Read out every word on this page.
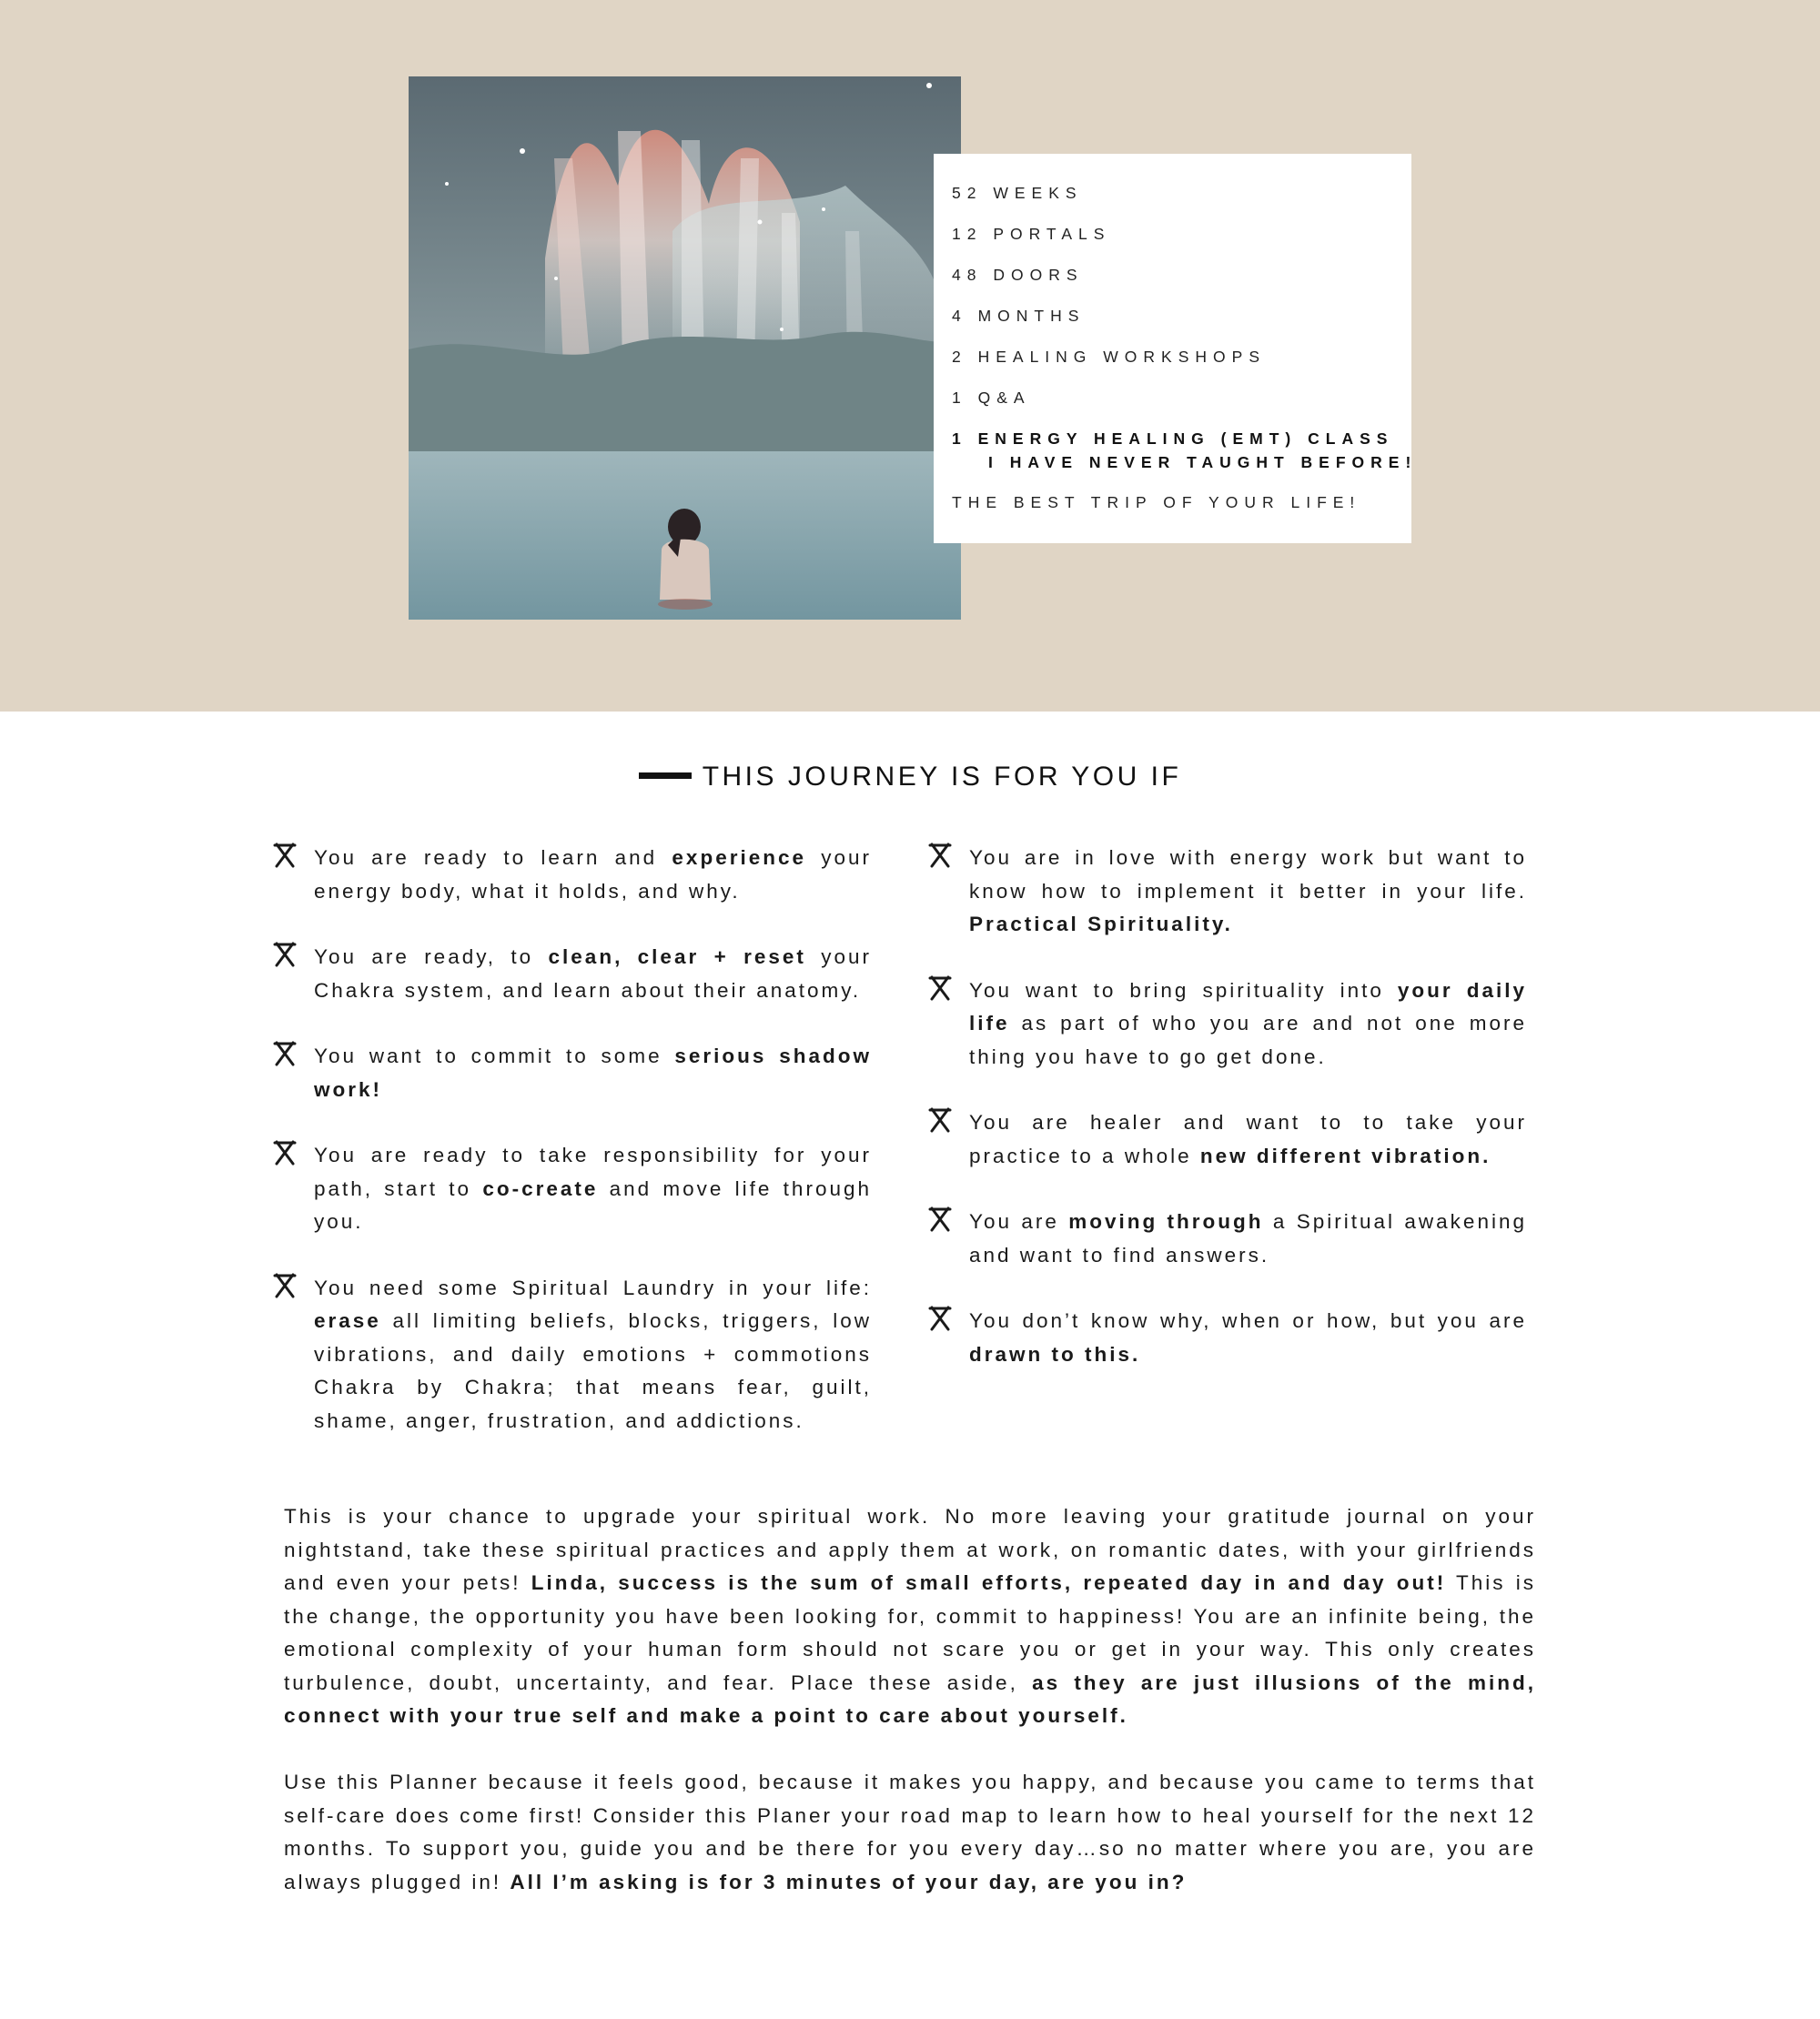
52 WEEKS
12 PORTALS
48 DOORS
4 MONTHS
2 HEALING WORKSHOPS
1 Q&A
1 ENERGY HEALING (EMT) CLASS
I HAVE NEVER TAUGHT BEFORE!
THE BEST TRIP OF YOUR LIFE!
THIS JOURNEY IS FOR YOU IF
You are ready to learn and experience your energy body, what it holds, and why.
You are ready, to clean, clear + reset your Chakra system, and learn about their anatomy.
You want to commit to some serious shadow work!
You are ready to take responsibility for your path, start to co-create and move life through you.
You need some Spiritual Laundry in your life: erase all limiting beliefs, blocks, triggers, low vibrations, and daily emotions + commotions Chakra by Chakra; that means fear, guilt, shame, anger, frustration, and addictions.
You are in love with energy work but want to know how to implement it better in your life. Practical Spirituality.
You want to bring spirituality into your daily life as part of who you are and not one more thing you have to go get done.
You are healer and want to to take your practice to a whole new different vibration.
You are moving through a Spiritual awakening and want to find answers.
You don’t know why, when or how, but you are drawn to this.
This is your chance to upgrade your spiritual work. No more leaving your gratitude journal on your nightstand, take these spiritual practices and apply them at work, on romantic dates, with your girlfriends and even your pets! Linda, success is the sum of small efforts, repeated day in and day out! This is the change, the opportunity you have been looking for, commit to happiness! You are an infinite being, the emotional complexity of your human form should not scare you or get in your way. This only creates turbulence, doubt, uncertainty, and fear. Place these aside, as they are just illusions of the mind, connect with your true self and make a point to care about yourself.
Use this Planner because it feels good, because it makes you happy, and because you came to terms that self-care does come first! Consider this Planer your road map to learn how to heal yourself for the next 12 months. To support you, guide you and be there for you every day…so no matter where you are, you are always plugged in! All I’m asking is for 3 minutes of your day, are you in?
